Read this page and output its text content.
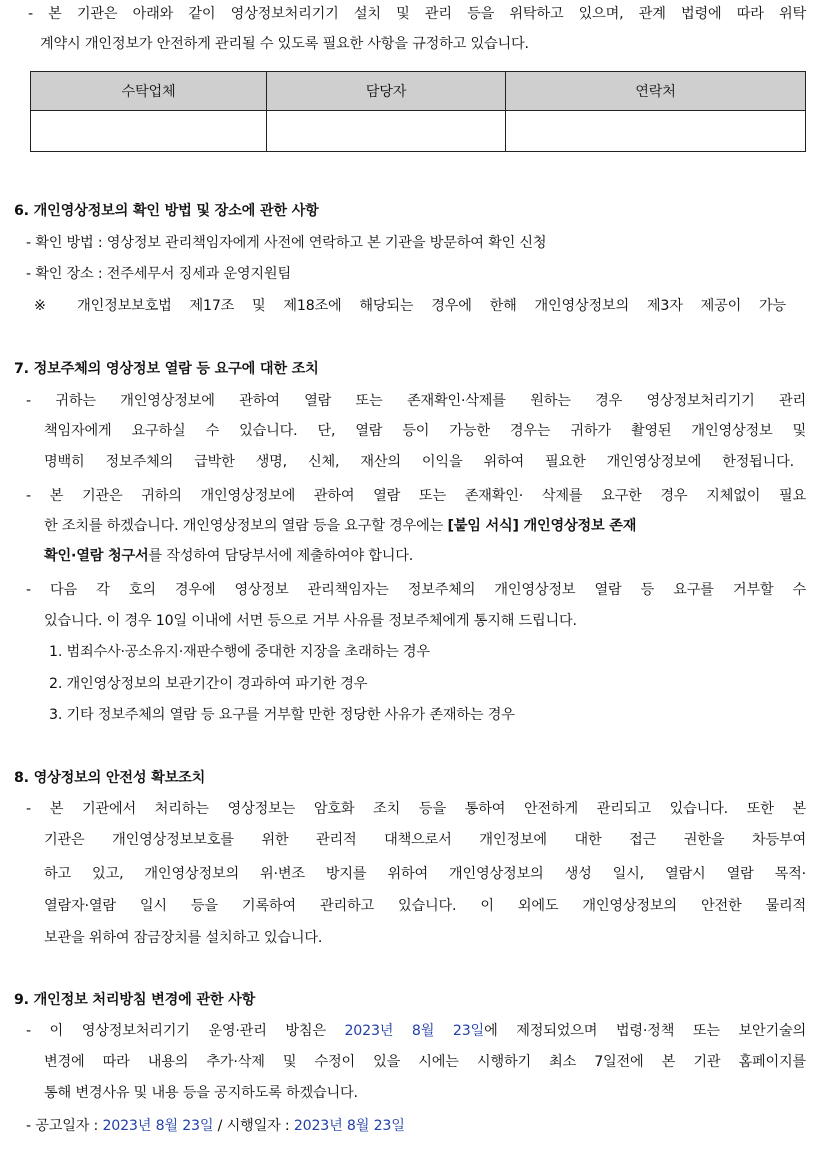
- 본 기관은 아래와 같이 영상정보처리기기 설치 및 관리 등을 위탁하고 있으며, 관계 법령에 따라 위탁
계약시 개인정보가 안전하게 관리될 수 있도록 필요한 사항을 규정하고 있습니다.
수탁업체	담당자	연락처

6. 개인영상정보의 확인 방법 및 장소에 관한 사항
- 확인 방법 : 영상정보 관리책임자에게 사전에 연락하고 본 기관을 방문하여 확인 신청
- 확인 장소 : 전주세무서 징세과 운영지원팀
※ 개인정보보호법 제17조 및 제18조에 해당되는 경우에 한해 개인영상정보의 제3자 제공이 가능
7. 정보주체의 영상정보 열람 등 요구에 대한 조치
- 귀하는 개인영상정보에 관하여 열람 또는 존재확인·삭제를 원하는 경우 영상정보처리기기 관리
책임자에게 요구하실 수 있습니다. 단, 열람 등이 가능한 경우는 귀하가 촬영된 개인영상정보 및
명백히 정보주체의 급박한 생명, 신체, 재산의 이익을 위하여 필요한 개인영상정보에 한정됩니다.
- 본 기관은 귀하의 개인영상정보에 관하여 열람 또는 존재확인· 삭제를 요구한 경우 지체없이 필요
한 조치를 하겠습니다. 개인영상정보의 열람 등을 요구할 경우에는 [붙임 서식] 개인영상정보 존재
확인·열람 청구서를 작성하여 담당부서에 제출하여야 합니다.
- 다음 각 호의 경우에 영상정보 관리책임자는 정보주체의 개인영상정보 열람 등 요구를 거부할 수
있습니다. 이 경우 10일 이내에 서면 등으로 거부 사유를 정보주체에게 통지해 드립니다.
1. 범죄수사·공소유지·재판수행에 중대한 지장을 초래하는 경우
2. 개인영상정보의 보관기간이 경과하여 파기한 경우
3. 기타 정보주체의 열람 등 요구를 거부할 만한 정당한 사유가 존재하는 경우
8. 영상정보의 안전성 확보조치
- 본 기관에서 처리하는 영상정보는 암호화 조치 등을 통하여 안전하게 관리되고 있습니다. 또한 본
기관은 개인영상정보보호를 위한 관리적 대책으로서 개인정보에 대한 접근 권한을 차등부여
하고 있고, 개인영상정보의 위·변조 방지를 위하여 개인영상정보의 생성 일시, 열람시 열람 목적·
열람자·열람 일시 등을 기록하여 관리하고 있습니다. 이 외에도 개인영상정보의 안전한 물리적
보관을 위하여 잠금장치를 설치하고 있습니다.
9. 개인정보 처리방침 변경에 관한 사항
- 이 영상정보처리기기 운영·관리 방침은 2023년 8월 23일에 제정되었으며 법령·정책 또는 보안기술의
변경에 따라 내용의 추가·삭제 및 수정이 있을 시에는 시행하기 최소 7일전에 본 기관 홈페이지를
통해 변경사유 및 내용 등을 공지하도록 하겠습니다.
- 공고일자 : 2023년 8월 23일 / 시행일자 : 2023년 8월 23일
